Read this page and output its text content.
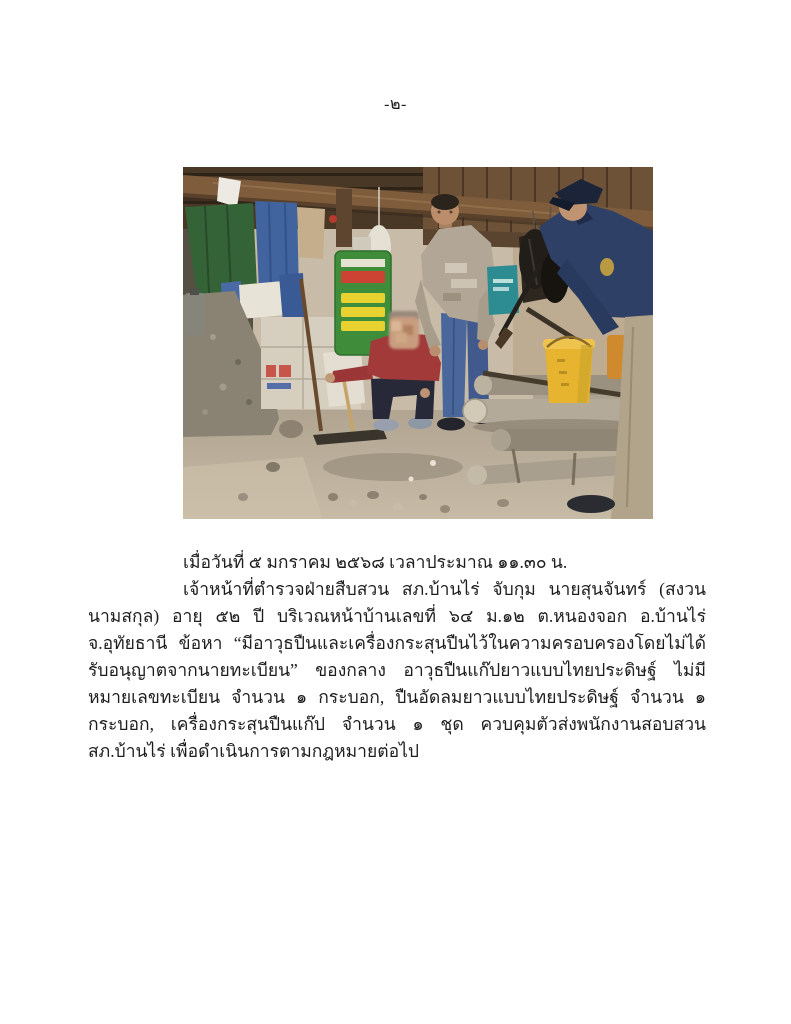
-๒-

เมื่อวันที่ ๕ มกราคม ๒๕๖๘ เวลาประมาณ ๑๑.๓๐ น.

เจ้าหน้าที่ตำรวจฝ่ายสืบสวน สภ.บ้านไร่ จับกุม นายสุนจันทร์ (สงวนนามสกุล) อายุ ๕๒ ปี บริเวณหน้าบ้านเลขที่ ๖๔ ม.๑๒ ต.หนองจอก อ.บ้านไร่ จ.อุทัยธานี ข้อหา “มีอาวุธปืนและเครื่องกระสุนปืนไว้ในความครอบครองโดยไม่ได้รับอนุญาตจากนายทะเบียน” ของกลาง อาวุธปืนแก๊ปยาวแบบไทยประดิษฐ์ ไม่มีหมายเลขทะเบียน จำนวน ๑ กระบอก, ปืนอัดลมยาวแบบไทยประดิษฐ์ จำนวน ๑ กระบอก, เครื่องกระสุนปืนแก๊ป จำนวน ๑ ชุด ควบคุมตัวส่งพนักงานสอบสวน สภ.บ้านไร่ เพื่อดำเนินการตามกฎหมายต่อไป
